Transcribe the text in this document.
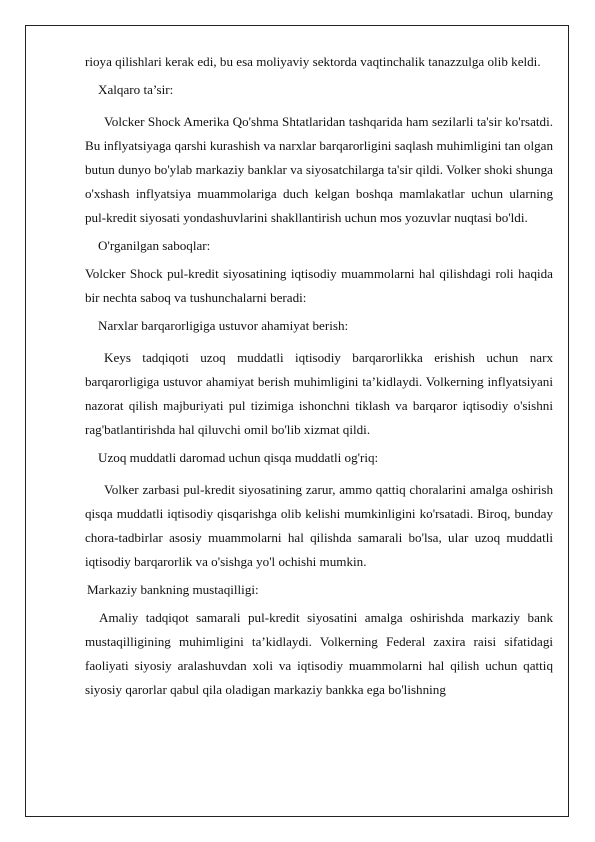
rioya qilishlari kerak edi, bu esa moliyaviy sektorda vaqtinchalik tanazzulga olib keldi.

Xalqaro ta’sir:

Volcker Shock Amerika Qo'shma Shtatlaridan tashqarida ham sezilarli ta'sir ko'rsatdi. Bu inflyatsiyaga qarshi kurashish va narxlar barqarorligini saqlash muhimligini tan olgan butun dunyo bo'ylab markaziy banklar va siyosatchilarga ta'sir qildi. Volker shoki shunga o'xshash inflyatsiya muammolariga duch kelgan boshqa mamlakatlar uchun ularning pul-kredit siyosati yondashuvlarini shakllantirish uchun mos yozuvlar nuqtasi bo'ldi.

O'rganilgan saboqlar:

Volcker Shock pul-kredit siyosatining iqtisodiy muammolarni hal qilishdagi roli haqida bir nechta saboq va tushunchalarni beradi:

Narxlar barqarorligiga ustuvor ahamiyat berish:

Keys tadqiqoti uzoq muddatli iqtisodiy barqarorlikka erishish uchun narx barqarorligiga ustuvor ahamiyat berish muhimligini ta’kidlaydi. Volkerning inflyatsiyani nazorat qilish majburiyati pul tizimiga ishonchni tiklash va barqaror iqtisodiy o'sishni rag'batlantirishda hal qiluvchi omil bo'lib xizmat qildi.

Uzoq muddatli daromad uchun qisqa muddatli og'riq:

Volker zarbasi pul-kredit siyosatining zarur, ammo qattiq choralarini amalga oshirish qisqa muddatli iqtisodiy qisqarishga olib kelishi mumkinligini ko'rsatadi. Biroq, bunday chora-tadbirlar asosiy muammolarni hal qilishda samarali bo'lsa, ular uzoq muddatli iqtisodiy barqarorlik va o'sishga yo'l ochishi mumkin.

Markaziy bankning mustaqilligi:

Amaliy tadqiqot samarali pul-kredit siyosatini amalga oshirishda markaziy bank mustaqilligining muhimligini ta’kidlaydi. Volkerning Federal zaxira raisi sifatidagi faoliyati siyosiy aralashuvdan xoli va iqtisodiy muammolarni hal qilish uchun qattiq siyosiy qarorlar qabul qila oladigan markaziy bankka ega bo'lishning
